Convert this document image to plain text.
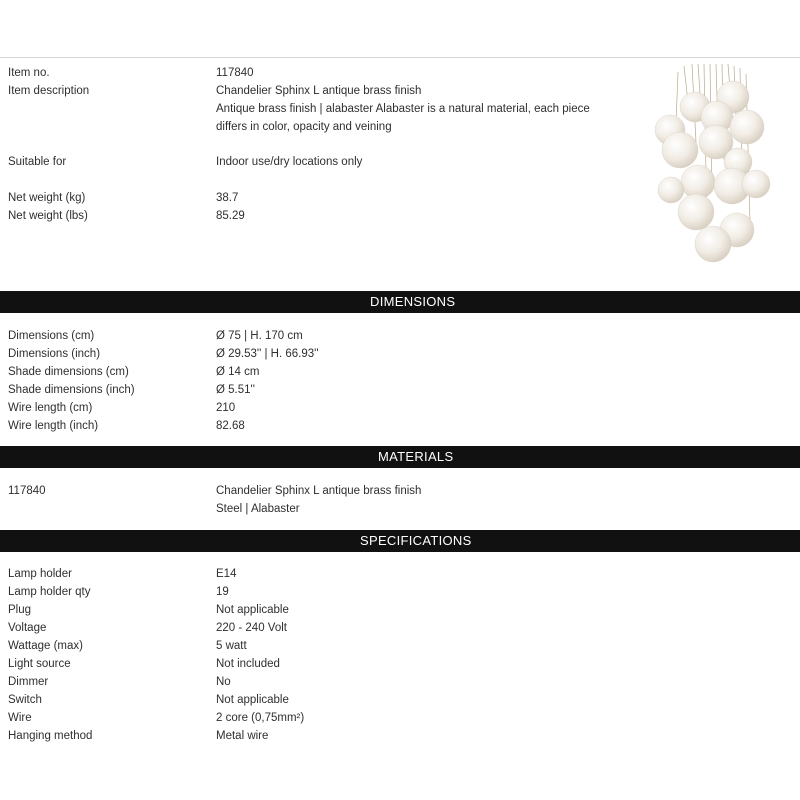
Item no.	117840
Item description	Chandelier Sphinx L antique brass finish
Antique brass finish | alabaster Alabaster is a natural material, each piece
differs in color, opacity and veining
Suitable for	Indoor use/dry locations only
Net weight (kg)	38.7
Net weight (lbs)	85.29
DIMENSIONS
Dimensions (cm)	Ø 75 | H. 170 cm
Dimensions (inch)	Ø 29.53'' | H. 66.93''
Shade dimensions (cm)	Ø 14 cm
Shade dimensions (inch)	Ø 5.51''
Wire length (cm)	210
Wire length (inch)	82.68
MATERIALS
117840	Chandelier Sphinx L antique brass finish
Steel | Alabaster
SPECIFICATIONS
Lamp holder	E14
Lamp holder qty	19
Plug	Not applicable
Voltage	220 - 240 Volt
Wattage (max)	5 watt
Light source	Not included
Dimmer	No
Switch	Not applicable
Wire	2 core (0,75mm²)
Hanging method	Metal wire
